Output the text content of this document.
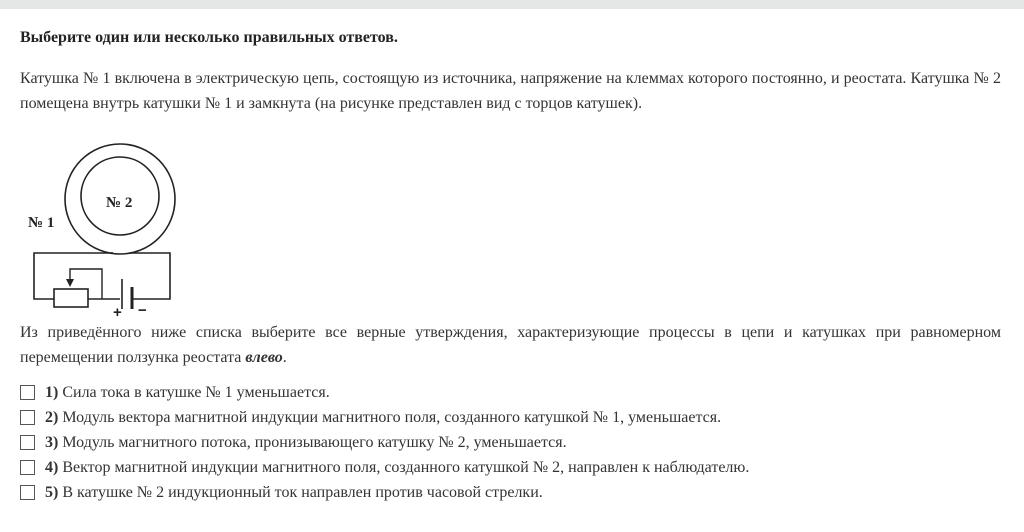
Выберите один или несколько правильных ответов.

Катушка № 1 включена в электрическую цепь, состоящую из источника, напряжение на клеммах которого постоянно, и реостата. Катушка № 2 помещена внутрь катушки № 1 и замкнута (на рисунке представлен вид с торцов катушек).

№ 2
№ 1
+ −

Из приведённого ниже списка выберите все верные утверждения, характеризующие процессы в цепи и катушках при равномерном перемещении ползунка реостата влево.

1) Сила тока в катушке № 1 уменьшается.
2) Модуль вектора магнитной индукции магнитного поля, созданного катушкой № 1, уменьшается.
3) Модуль магнитного потока, пронизывающего катушку № 2, уменьшается.
4) Вектор магнитной индукции магнитного поля, созданного катушкой № 2, направлен к наблюдателю.
5) В катушке № 2 индукционный ток направлен против часовой стрелки.
